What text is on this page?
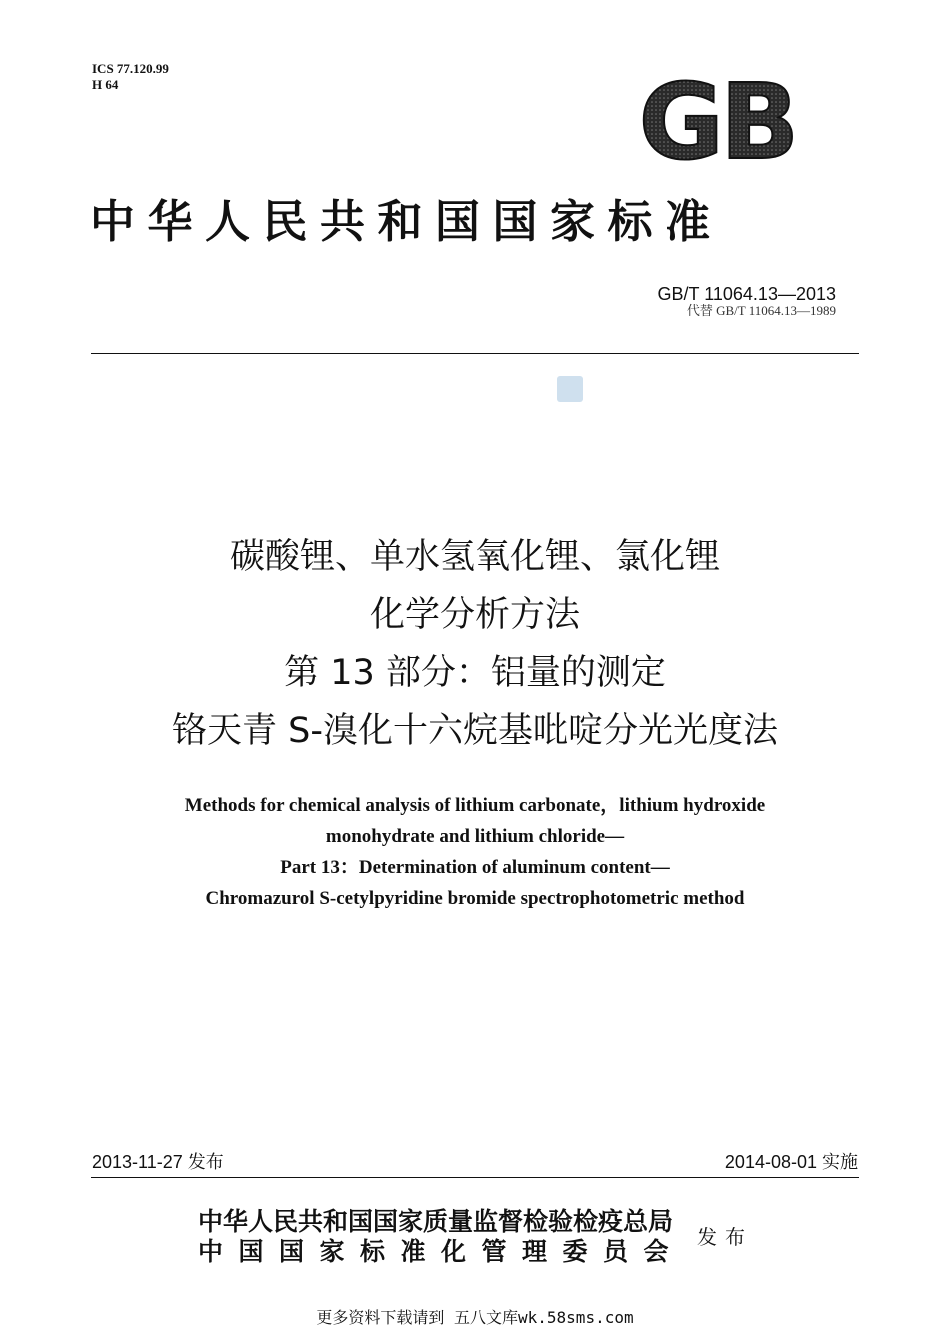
ICS 77.120.99
H 64	GB
中华人民共和国国家标准
GB/T 11064.13—2013
代替 GB/T 11064.13—1989
碳酸锂、单水氢氧化锂、氯化锂
化学分析方法
第 13 部分：铝量的测定
铬天青 S-溴化十六烷基吡啶分光光度法
Methods for chemical analysis of lithium carbonate，lithium hydroxide
monohydrate and lithium chloride—
Part 13：Determination of aluminum content—
Chromazurol S-cetylpyridine bromide spectrophotometric method
2013-11-27 发布	2014-08-01 实施
中华人民共和国国家质量监督检验检疫总局
中国国家标准化管理委员会 发布
更多资料下载请到 五八文库wk.58sms.com
